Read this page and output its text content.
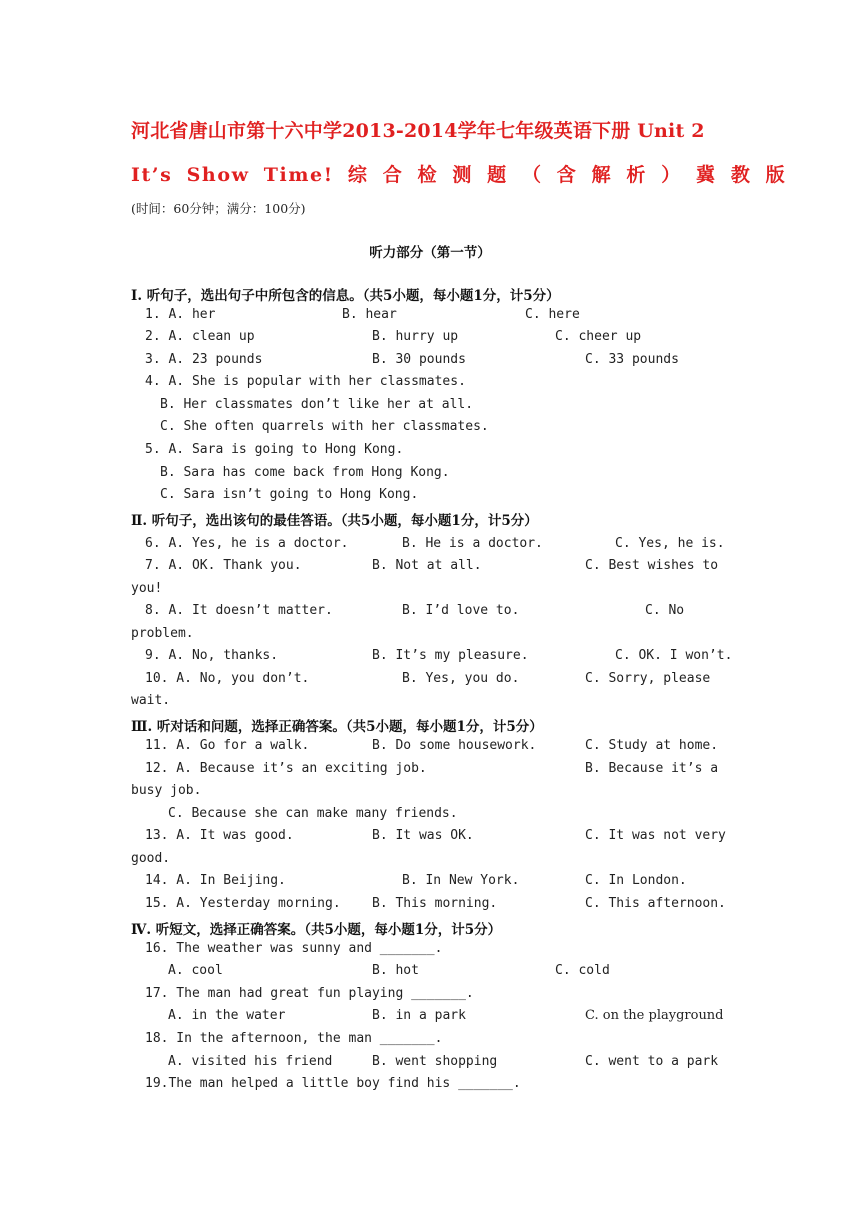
河北省唐山市第十六中学2013-2014学年七年级英语下册 Unit 2
It’s Show Time! 综 合 检 测 题 （ 含 解 析 ） 冀 教 版
(时间：60分钟；满分：100分)
听力部分（第一节）
Ⅰ. 听句子，选出句子中所包含的信息。（共5小题，每小题1分，计5分）
1. A. her	B. hear	C. here
2. A. clean up	B. hurry up	C. cheer up
3. A. 23 pounds	B. 30 pounds	C. 33 pounds
4. A. She is popular with her classmates.
B. Her classmates don’t like her at all.
C. She often quarrels with her classmates.
5. A. Sara is going to Hong Kong.
B. Sara has come back from Hong Kong.
C. Sara isn’t going to Hong Kong.
Ⅱ. 听句子，选出该句的最佳答语。（共5小题，每小题1分，计5分）
6. A. Yes, he is a doctor.	B. He is a doctor.	C. Yes, he is.
7. A. OK. Thank you.	B. Not at all.	C. Best wishes to
you!
8. A. It doesn’t matter.	B. I’d love to.	C. No
problem.
9. A. No, thanks.	B. It’s my pleasure.	C. OK. I won’t.
10. A. No, you don’t.	B. Yes, you do.	C. Sorry, please
wait.
Ⅲ. 听对话和问题，选择正确答案。（共5小题，每小题1分，计5分）
11. A. Go for a walk.	B. Do some housework.	C. Study at home.
12. A. Because it’s an exciting job.	B. Because it’s a
busy job.
C. Because she can make many friends.
13. A. It was good.	B. It was OK.	C. It was not very
good.
14. A. In Beijing.	B. In New York.	C. In London.
15. A. Yesterday morning. B. This morning.	C. This afternoon.
Ⅳ. 听短文，选择正确答案。（共5小题，每小题1分，计5分）
16. The weather was sunny and _______.
A. cool	B. hot	C. cold
17. The man had great fun playing _______.
A. in the water	B. in a park	C. on the playground
18. In the afternoon, the man _______.
A. visited his friend	B. went shopping	C. went to a park
19.The man helped a little boy find his _______.
